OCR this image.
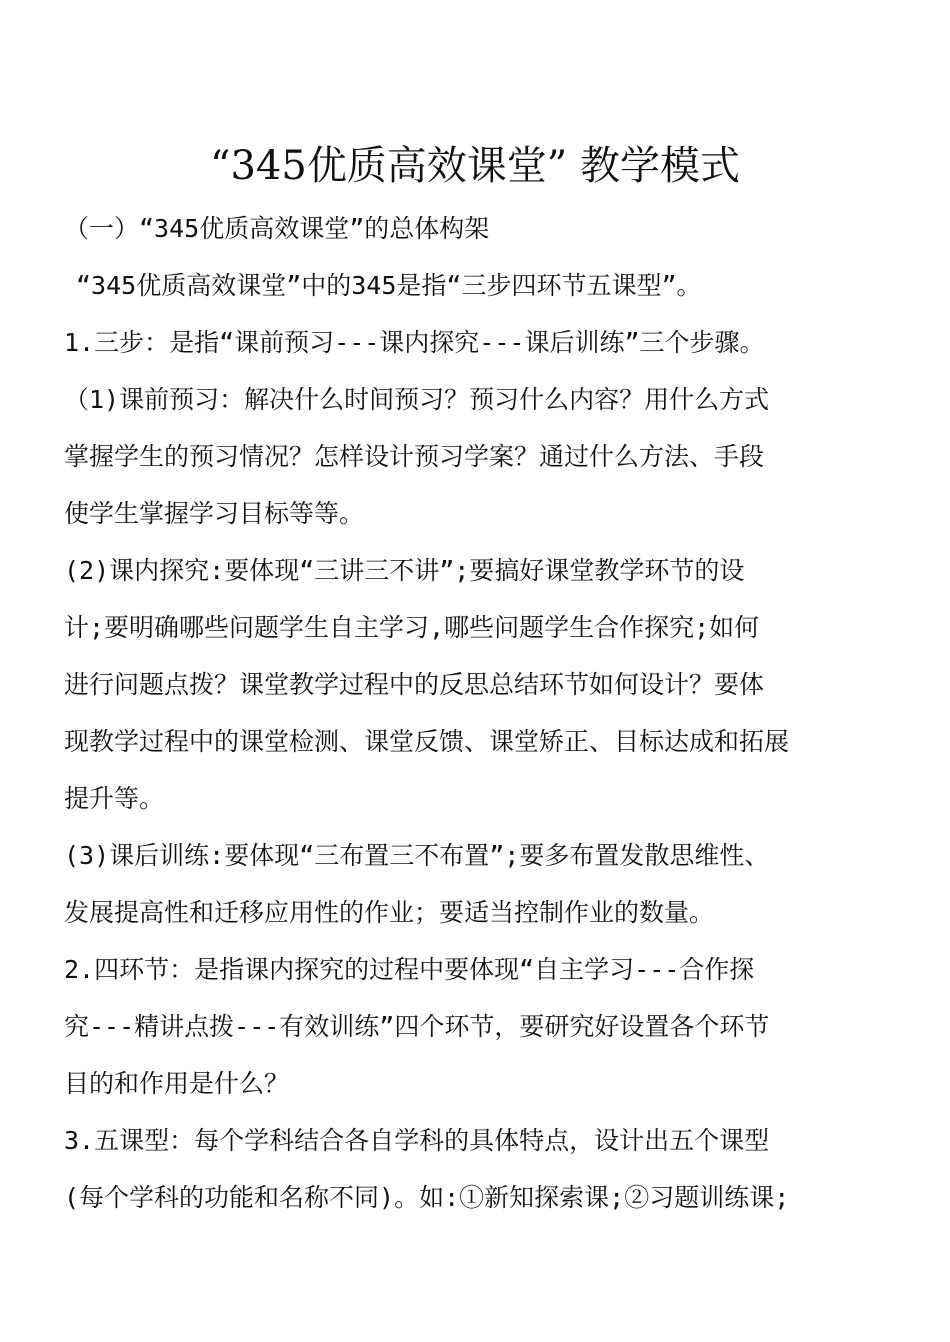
“345优质高效课堂” 教学模式
（一）“345优质高效课堂”的总体构架
“345优质高效课堂”中的345是指“三步四环节五课型”。
1.三步：是指“课前预习---课内探究---课后训练”三个步骤。
（1)课前预习：解决什么时间预习？预习什么内容？用什么方式
掌握学生的预习情况？怎样设计预习学案？通过什么方法、手段
使学生掌握学习目标等等。
(2)课内探究:要体现“三讲三不讲”;要搞好课堂教学环节的设
计;要明确哪些问题学生自主学习,哪些问题学生合作探究;如何
进行问题点拨？课堂教学过程中的反思总结环节如何设计？要体
现教学过程中的课堂检测、课堂反馈、课堂矫正、目标达成和拓展
提升等。
(3)课后训练:要体现“三布置三不布置”;要多布置发散思维性、
发展提高性和迁移应用性的作业；要适当控制作业的数量。
2.四环节：是指课内探究的过程中要体现“自主学习---合作探
究---精讲点拨---有效训练”四个环节，要研究好设置各个环节
目的和作用是什么？
3.五课型：每个学科结合各自学科的具体特点，设计出五个课型
(每个学科的功能和名称不同)。如:①新知探索课;②习题训练课;
